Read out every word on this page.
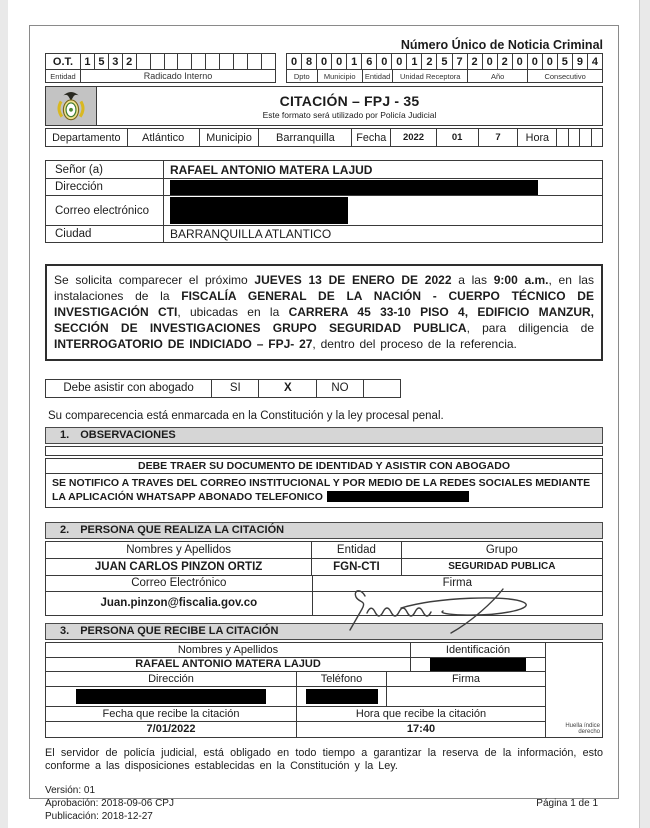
Número Único de Noticia Criminal
O.T.	1 5 3 2
Entidad	Radicado Interno
0 8 0 0 1 6 0 0 1 2 5 7 2 0 2 0 0 0 5 9 4
Dpto	Municipio	Entidad	Unidad Receptora	Año	Consecutivo
CITACIÓN – FPJ - 35
Este formato será utilizado por Policía Judicial
Departamento	Atlántico	Municipio	Barranquilla	Fecha	2022	01	7	Hora
Señor (a)	RAFAEL ANTONIO MATERA LAJUD
Dirección
Correo electrónico
Ciudad	BARRANQUILLA ATLANTICO
Se solicita comparecer el próximo JUEVES 13 DE ENERO DE 2022 a las 9:00 a.m., en las instalaciones de la FISCALÍA GENERAL DE LA NACIÓN - CUERPO TÉCNICO DE INVESTIGACIÓN CTI, ubicadas en la CARRERA 45 33-10 PISO 4, EDIFICIO MANZUR, SECCIÓN DE INVESTIGACIONES GRUPO SEGURIDAD PUBLICA, para diligencia de INTERROGATORIO DE INDICIADO – FPJ- 27, dentro del proceso de la referencia.
Debe asistir con abogado	SI	X	NO
Su comparecencia está enmarcada en la Constitución y la ley procesal penal.
1. OBSERVACIONES
DEBE TRAER SU DOCUMENTO DE IDENTIDAD Y ASISTIR CON ABOGADO
SE NOTIFICO A TRAVES DEL CORREO INSTITUCIONAL Y POR MEDIO DE LA REDES SOCIALES MEDIANTE LA APLICACIÓN WHATSAPP ABONADO TELEFONICO
2. PERSONA QUE REALIZA LA CITACIÓN
Nombres y Apellidos	Entidad	Grupo
JUAN CARLOS PINZON ORTIZ	FGN-CTI	SEGURIDAD PUBLICA
Correo Electrónico	Firma
Juan.pinzon@fiscalia.gov.co
3. PERSONA QUE RECIBE LA CITACIÓN
Nombres y Apellidos	Identificación
RAFAEL ANTONIO MATERA LAJUD
Dirección	Teléfono	Firma
Fecha que recibe la citación	Hora que recibe la citación
7/01/2022	17:40	Huella índice derecho
El servidor de policía judicial, está obligado en todo tiempo a garantizar la reserva de la información, esto conforme a las disposiciones establecidas en la Constitución y la Ley.
Versión: 01
Aprobación: 2018-09-06 CPJ
Publicación: 2018-12-27
Página 1 de 1
